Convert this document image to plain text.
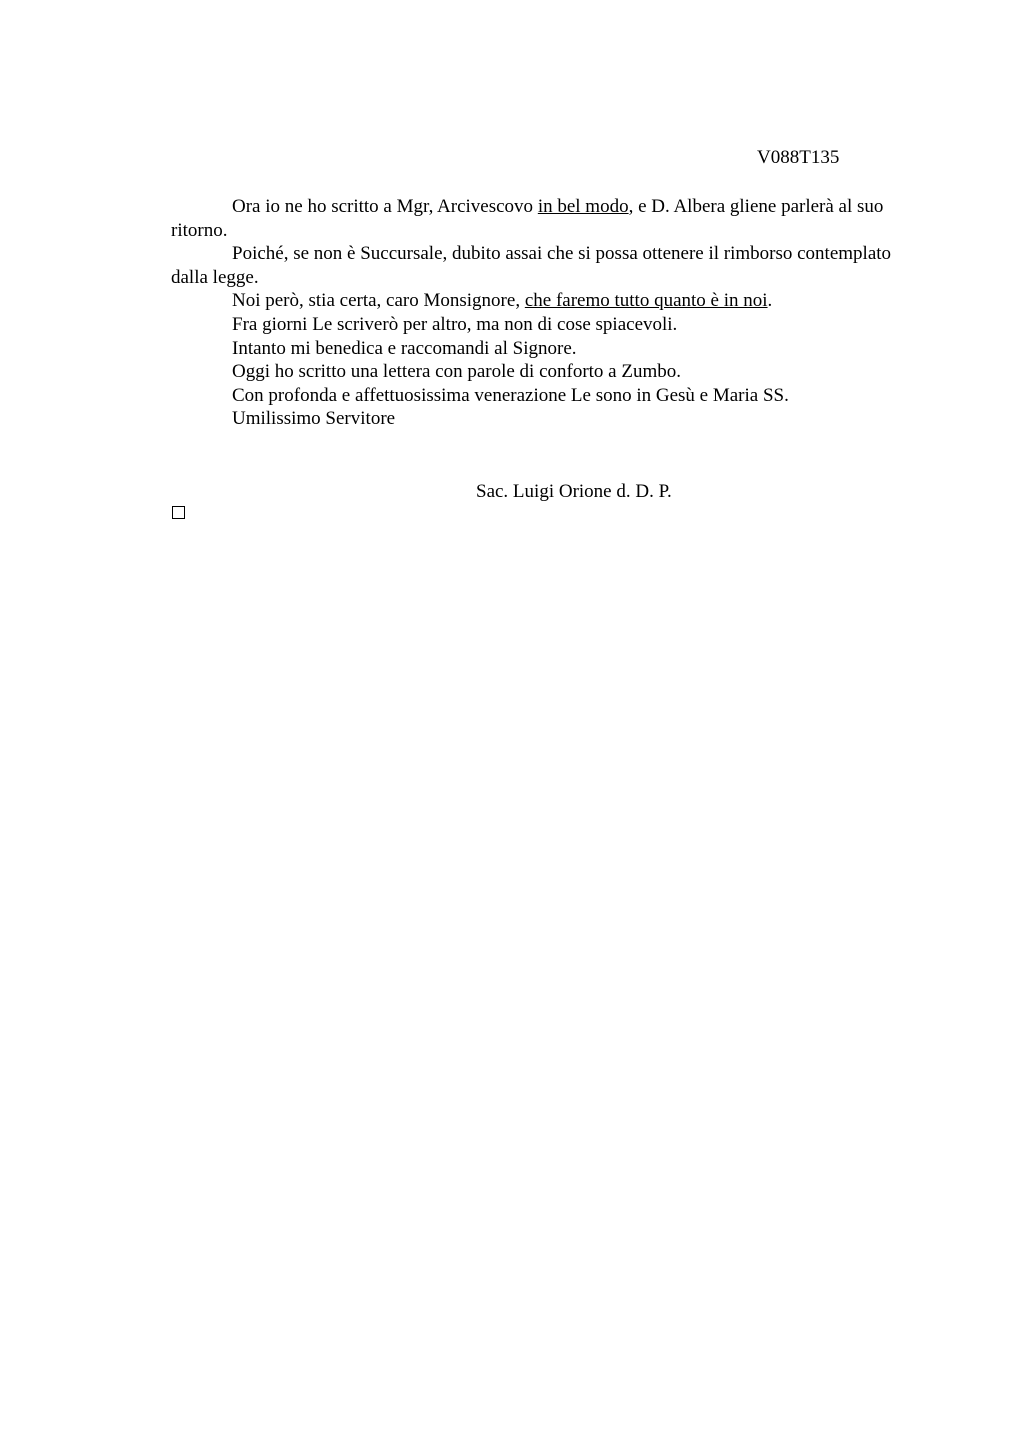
V088T135

Ora io ne ho scritto a Mgr, Arcivescovo in bel modo, e D. Albera gliene parlerà al suo ritorno.

Poiché, se non è Succursale, dubito assai che si possa ottenere il rimborso contemplato dalla legge.

Noi però, stia certa, caro Monsignore, che faremo tutto quanto è in noi.

Fra giorni Le scriverò per altro, ma non di cose spiacevoli.

Intanto mi benedica e raccomandi al Signore.

Oggi ho scritto una lettera con parole di conforto a Zumbo.

Con profonda e affettuosissima venerazione Le sono in Gesù e Maria SS.

Umilissimo Servitore

Sac. Luigi Orione d. D. P.
